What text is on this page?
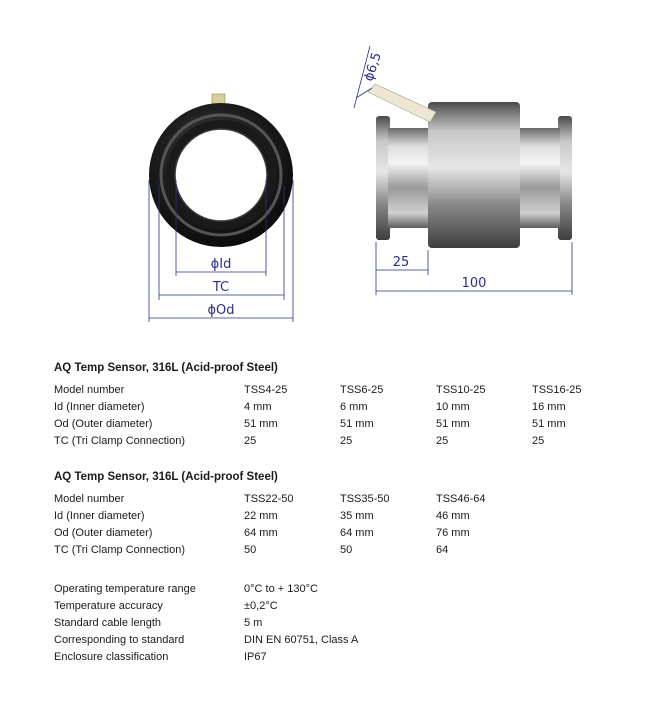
ϕId
TC
ϕOd
ϕ6,5
25
100
AQ Temp Sensor, 316L (Acid-proof Steel)
Model number	TSS4-25	TSS6-25	TSS10-25	TSS16-25
Id (Inner diameter)	4 mm	6 mm	10 mm	16 mm
Od (Outer diameter)	51 mm	51 mm	51 mm	51 mm
TC (Tri Clamp Connection)	25	25	25	25
AQ Temp Sensor, 316L (Acid-proof Steel)
Model number	TSS22-50	TSS35-50	TSS46-64
Id (Inner diameter)	22 mm	35 mm	46 mm
Od (Outer diameter)	64 mm	64 mm	76 mm
TC (Tri Clamp Connection)	50	50	64
Operating temperature range	0°C to + 130°C
Temperature accuracy	±0,2°C
Standard cable length	5 m
Corresponding to standard	DIN EN 60751, Class A
Enclosure classification	IP67
